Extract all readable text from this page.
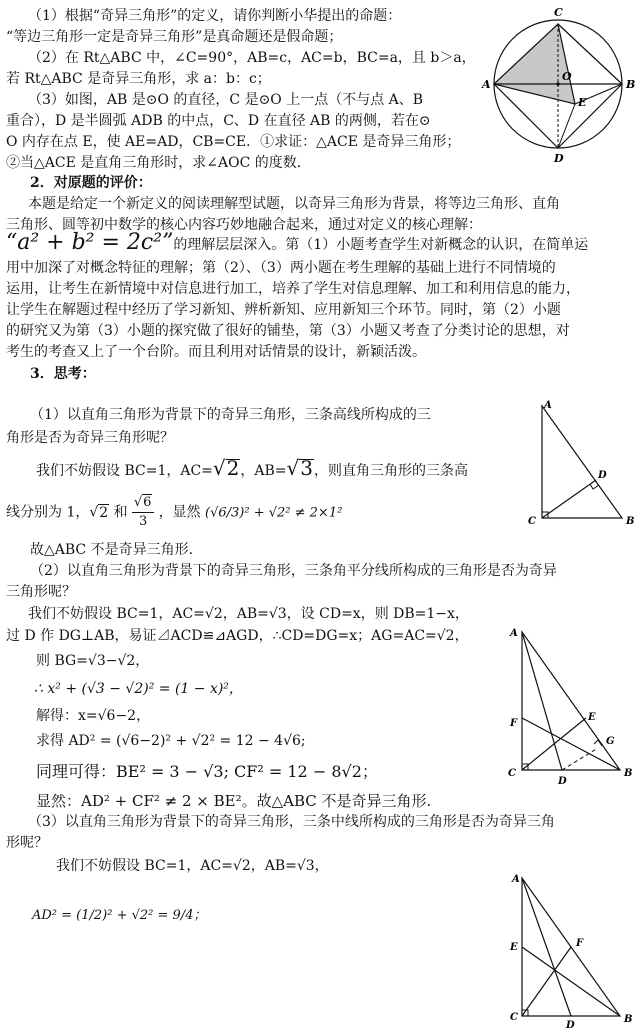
（1）根据“奇异三角形”的定义，请你判断小华提出的命题：
“等边三角形一定是奇异三角形”是真命题还是假命题；
（2）在 Rt△ABC 中，∠C=90°，AB=c，AC=b，BC=a，且 b＞a，
若 Rt△ABC 是奇异三角形，求 a：b：c；
（3）如图，AB 是⊙O 的直径，C 是⊙O 上一点（不与点 A、B
重合），D 是半圆弧 ADB 的中点，C、D 在直径 AB 的两侧，若在⊙
O 内存在点 E，使 AE=AD，CB=CE．①求证：△ACE 是奇异三角形；
②当△ACE 是直角三角形时，求∠AOC 的度数．
C
A	B
O
E
D
2．对原题的评价：
本题是给定一个新定义的阅读理解型试题，以奇异三角形为背景，将等边三角形、直角
三角形、圆等初中数学的核心内容巧妙地融合起来，通过对定义的核心理解：
“a² + b² = 2c²”的理解层层深入。第（1）小题考查学生对新概念的认识，在简单运
用中加深了对概念特征的理解；第（2）、（3）两小题在考生理解的基础上进行不同情境的
运用，让考生在新情境中对信息进行加工，培养了学生对信息理解、加工和利用信息的能力，
让学生在解题过程中经历了学习新知、辨析新知、应用新知三个环节。同时，第（2）小题
的研究又为第（3）小题的探究做了很好的铺垫，第（3）小题又考查了分类讨论的思想，对
考生的考查又上了一个台阶。而且利用对话情景的设计，新颖活泼。
3．思考：
（1）以直角三角形为背景下的奇异三角形，三条高线所构成的三
角形是否为奇异三角形呢？
我们不妨假设 BC=1，AC=√2，AB=√3，则直角三角形的三条高
线分别为 1，√2 和 √6
3 ，显然 (√6/3)² + √2² ≠ 2×1²
故△ABC 不是奇异三角形.
A
C	B
D
（2）以直角三角形为背景下的奇异三角形，三条角平分线所构成的三角形是否为奇异
三角形呢？
我们不妨假设 BC=1，AC=√2，AB=√3，设 CD=x，则 DB=1−x，
过 D 作 DG⊥AB，易证⊿ACD≌⊿AGD，∴CD=DG=x；AG=AC=√2，
则 BG=√3−√2，
∴ x² + (√3 − √2)² = (1 − x)²，
解得：x=√6−2，
求得 AD² = (√6−2)² + √2² = 12 − 4√6;
同理可得：BE² = 3 − √3; CF² = 12 − 8√2；
显然：AD² + CF² ≠ 2 × BE²。故△ABC 不是奇异三角形.
A
F
E
G
C
D
B
（3）以直角三角形为背景下的奇异三角形，三条中线所构成的三角形是否为奇异三角
形呢？
我们不妨假设 BC=1，AC=√2，AB=√3，
AD² = (1/2)² + √2² = 9/4；
A
E	F
C
D
B
